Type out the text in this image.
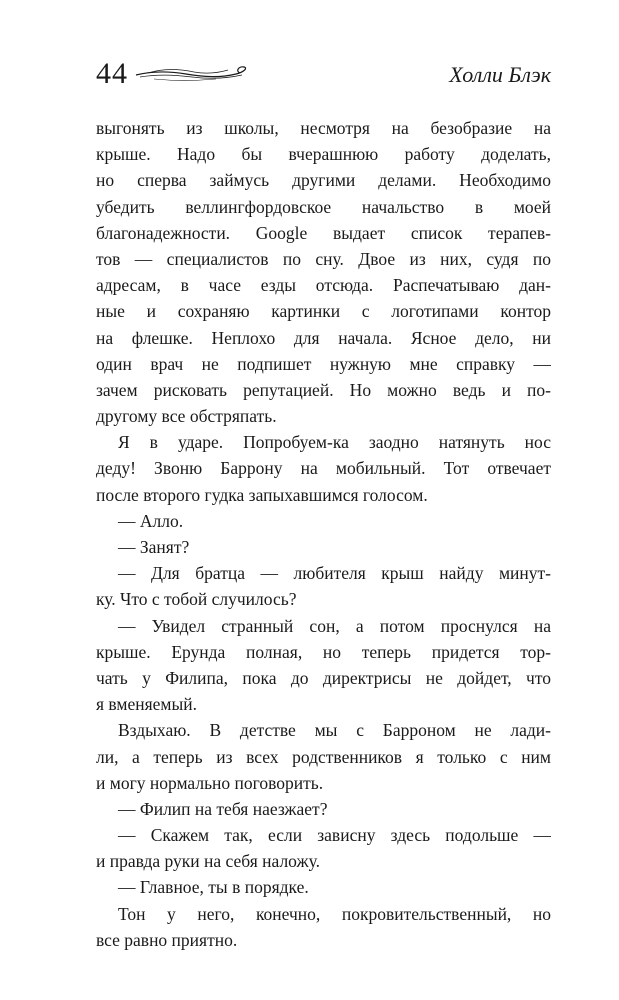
44	Холли Блэк
выгонять из школы, несмотря на безобразие на
крыше. Надо бы вчерашнюю работу доделать,
но сперва займусь другими делами. Необходимо
убедить веллингфордовское начальство в моей
благонадежности. Google выдает список терапев-
тов — специалистов по сну. Двое из них, судя по
адресам, в часе езды отсюда. Распечатываю дан-
ные и сохраняю картинки с логотипами контор
на флешке. Неплохо для начала. Ясное дело, ни
один врач не подпишет нужную мне справку —
зачем рисковать репутацией. Но можно ведь и по-
другому все обстряпать.
Я в ударе. Попробуем-ка заодно натянуть нос
деду! Звоню Баррону на мобильный. Тот отвечает
после второго гудка запыхавшимся голосом.
— Алло.
— Занят?
— Для братца — любителя крыш найду минут-
ку. Что с тобой случилось?
— Увидел странный сон, а потом проснулся на
крыше. Ерунда полная, но теперь придется тор-
чать у Филипа, пока до директрисы не дойдет, что
я вменяемый.
Вздыхаю. В детстве мы с Барроном не лади-
ли, а теперь из всех родственников я только с ним
и могу нормально поговорить.
— Филип на тебя наезжает?
— Скажем так, если зависну здесь подольше —
и правда руки на себя наложу.
— Главное, ты в порядке.
Тон у него, конечно, покровительственный, но
все равно приятно.
